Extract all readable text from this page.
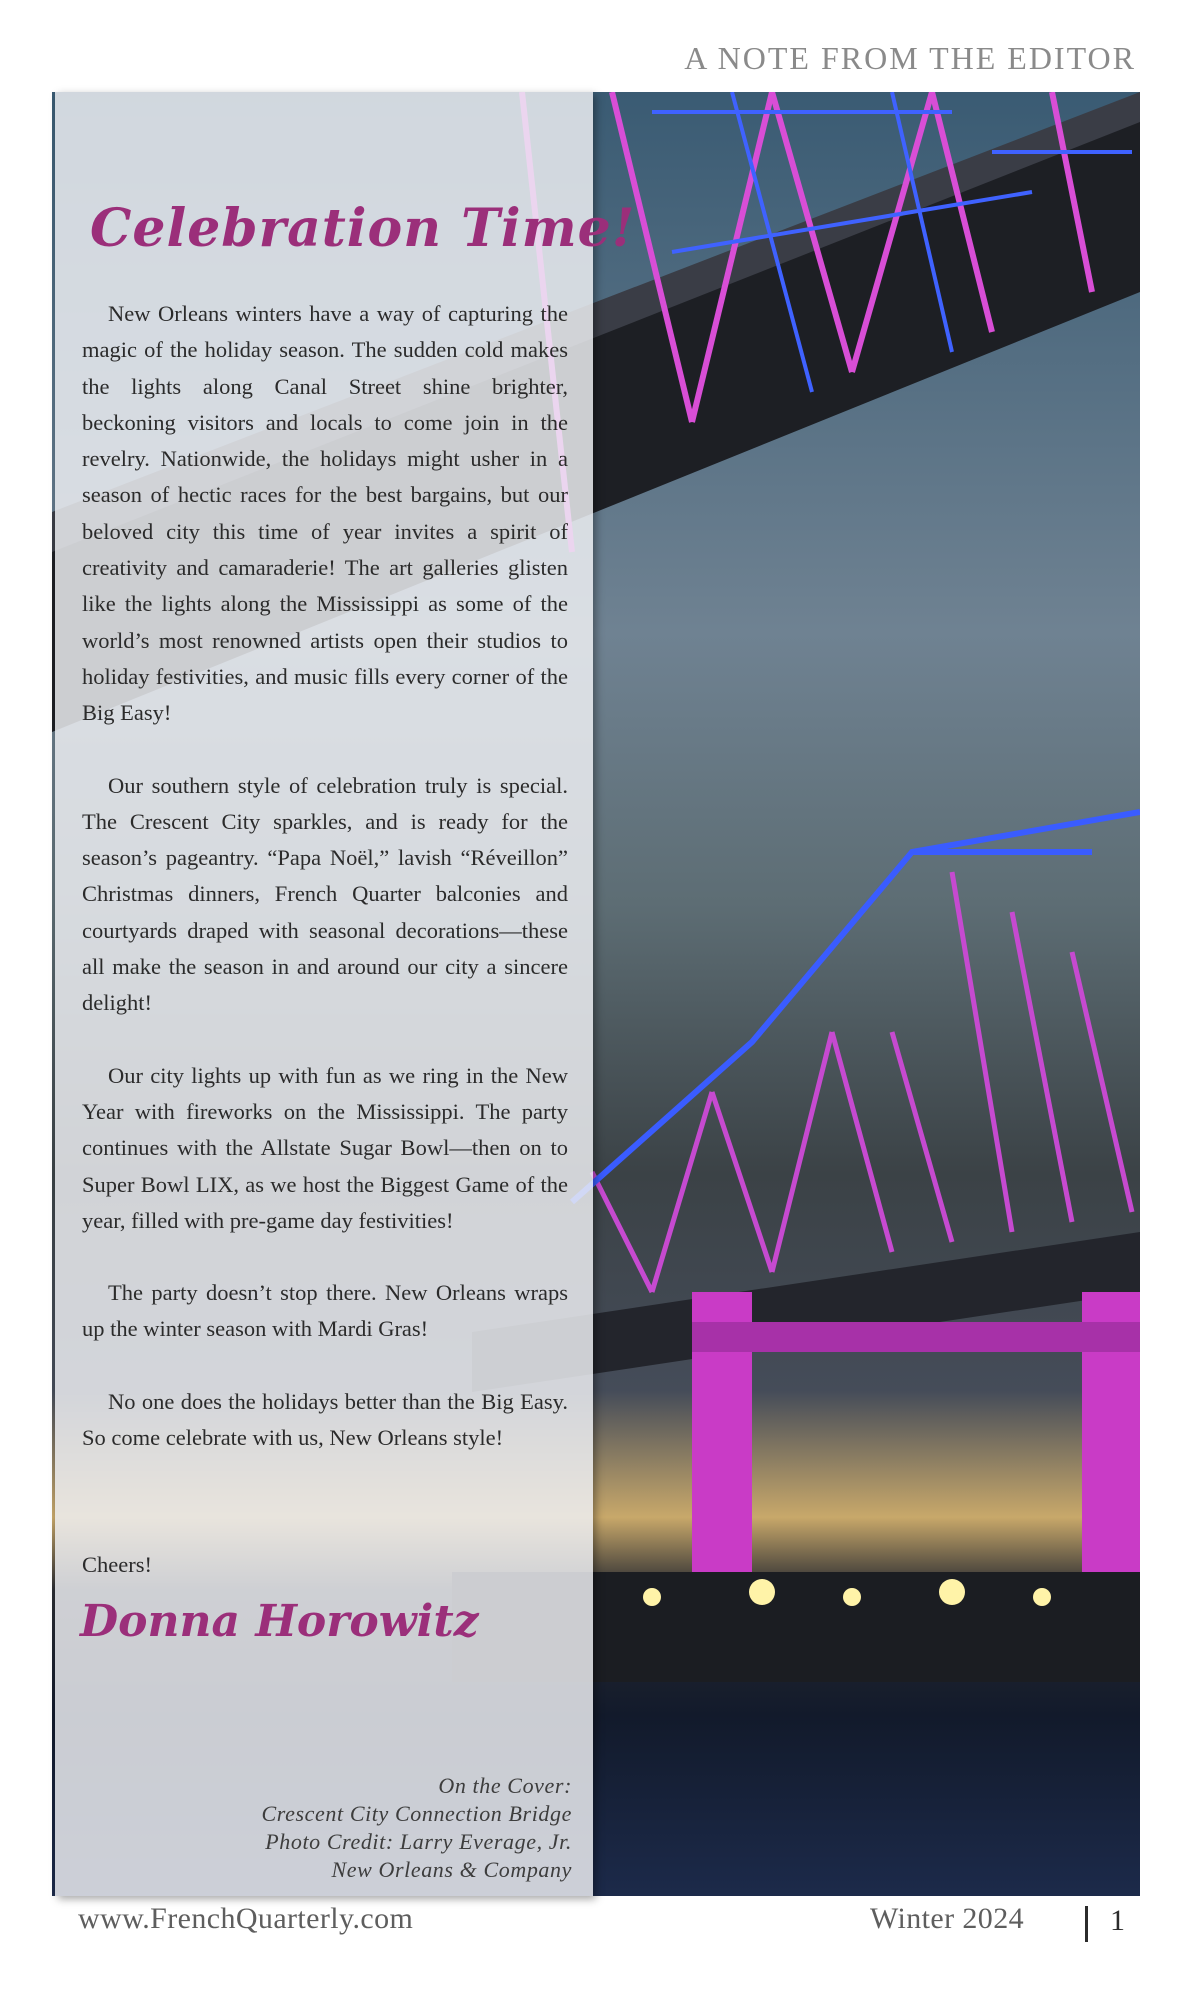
A NOTE FROM THE EDITOR
Celebration Time!

New Orleans winters have a way of capturing the magic of the holiday season. The sudden cold makes the lights along Canal Street shine brighter, beckoning visitors and locals to come join in the revelry. Nationwide, the holidays might usher in a season of hectic races for the best bargains, but our beloved city this time of year invites a spirit of creativity and camaraderie! The art galleries glisten like the lights along the Mississippi as some of the world’s most renowned artists open their studios to holiday festivities, and music fills every corner of the Big Easy!

Our southern style of celebration truly is special. The Crescent City sparkles, and is ready for the season’s pageantry. “Papa Noël,” lavish “Réveillon” Christmas dinners, French Quarter balconies and courtyards draped with seasonal decorations—these all make the season in and around our city a sincere delight!

Our city lights up with fun as we ring in the New Year with fireworks on the Mississippi. The party continues with the Allstate Sugar Bowl—then on to Super Bowl LIX, as we host the Biggest Game of the year, filled with pre-game day festivities!

The party doesn’t stop there. New Orleans wraps up the winter season with Mardi Gras!

No one does the holidays better than the Big Easy. So come celebrate with us, New Orleans style!

Cheers!
Donna Horowitz
On the Cover:
Crescent City Connection Bridge
Photo Credit: Larry Everage, Jr.
New Orleans & Company
www.FrenchQuarterly.com	Winter 2024	1
